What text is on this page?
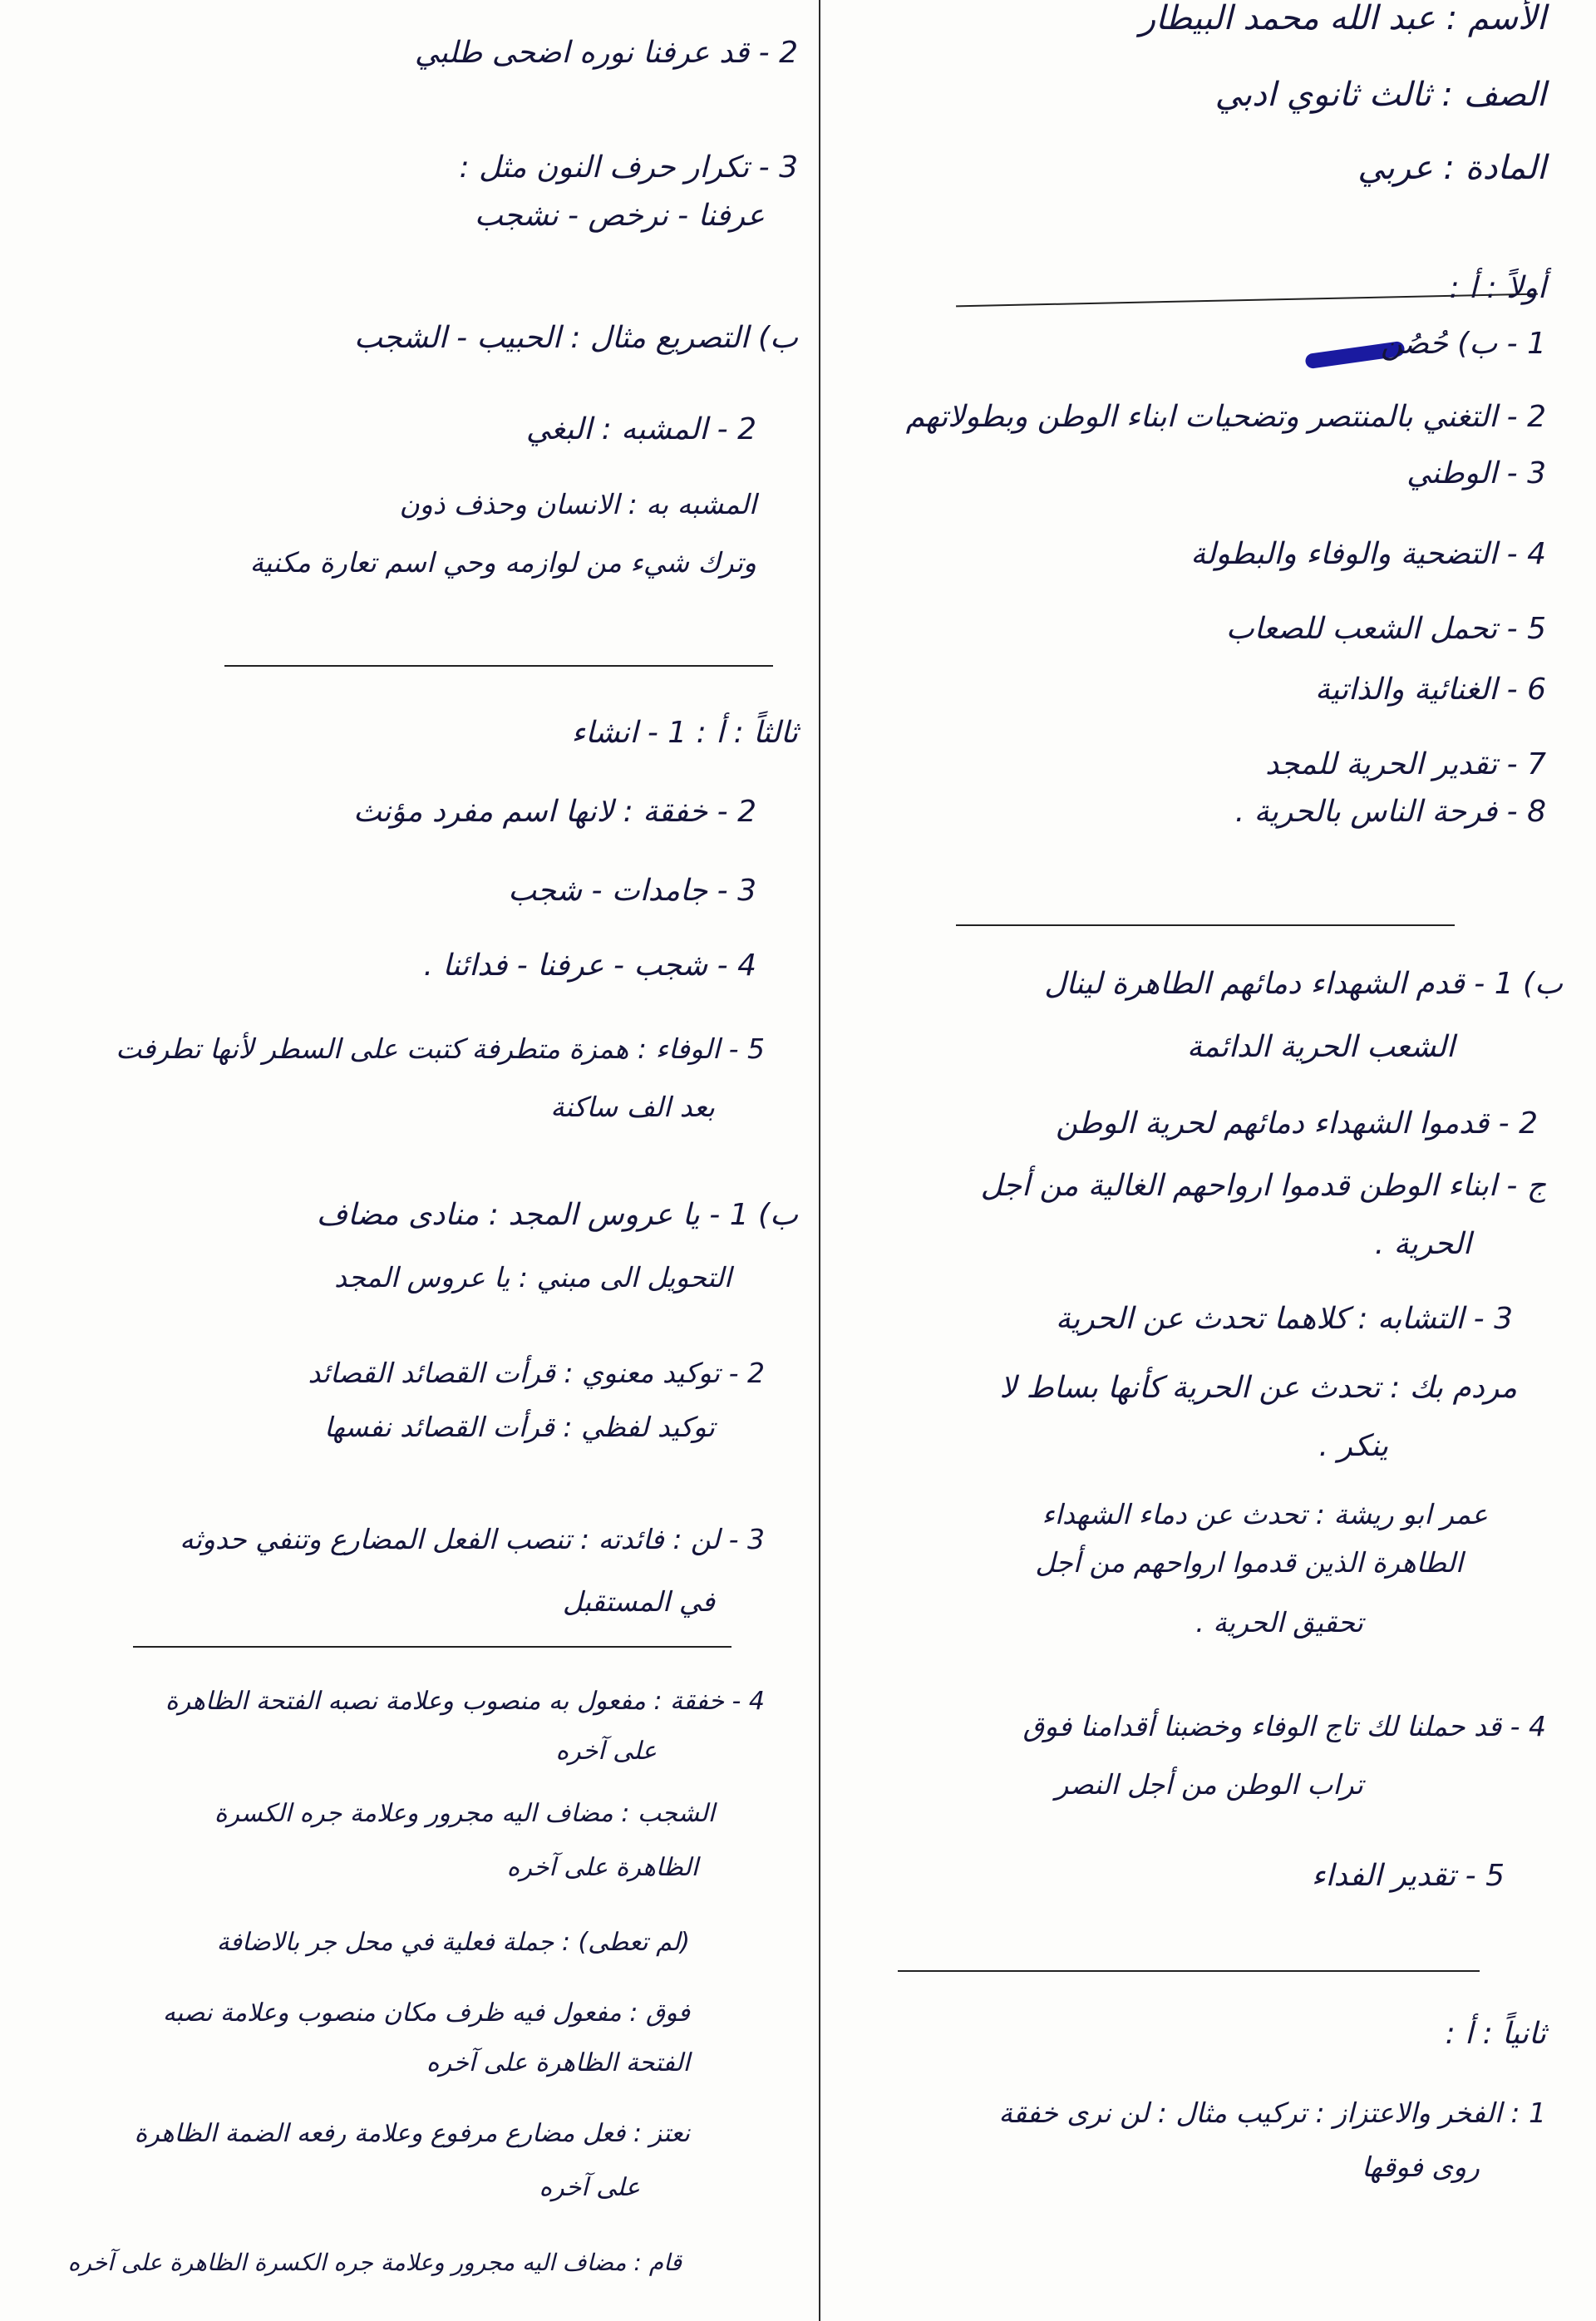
الأسم : عبد الله محمد البيطار
الصف : ثالث ثانوي ادبي
المادة : عربي
أولاً : أ :
1 - ب) حُصُن
2 - التغني بالمنتصر وتضحيات ابناء الوطن وبطولاتهم
3 - الوطني
4 - التضحية والوفاء والبطولة
5 - تحمل الشعب للصعاب
6 - الغنائية والذاتية
7 - تقدير الحرية للمجد
8 - فرحة الناس بالحرية .
ب) 1 - قدم الشهداء دمائهم الطاهرة لينال
الشعب الحرية الدائمة
2 - قدموا الشهداء دمائهم لحرية الوطن
ج - ابناء الوطن قدموا ارواحهم الغالية من أجل
الحرية .
3 - التشابه : كلاهما تحدث عن الحرية
مردم بك : تحدث عن الحرية كأنها بساط لا
ينكر .
عمر ابو ريشة : تحدث عن دماء الشهداء
الطاهرة الذين قدموا ارواحهم من أجل
تحقيق الحرية .
4 - قد حملنا لك تاج الوفاء وخضبنا أقدامنا فوق
تراب الوطن من أجل النصر
5 - تقدير الفداء
ثانياً : أ :
1 : الفخر والاعتزاز : تركيب مثال : لن نرى خفقة
روى فوقها
2 - قد عرفنا نوره اضحى طلبي
3 - تكرار حرف النون مثل :
عرفنا - نرخص - نشجب
ب) التصريع مثال : الحبيب - الشجب
2 - المشبه : البغي
المشبه به : الانسان وحذف ذون
وترك شيء من لوازمه وحي اسم تعارة مكنية
ثالثاً : أ : 1 - انشاء
2 - خفقة : لانها اسم مفرد مؤنث
3 - جامدات - شجب
4 - شجب - عرفنا - فدائنا .
5 - الوفاء : همزة متطرفة كتبت على السطر لأنها تطرفت
بعد الف ساكنة
ب) 1 - يا عروس المجد : منادى مضاف
التحويل الى مبني : يا عروس المجد
2 - توكيد معنوي : قرأت القصائد القصائد
توكيد لفظي : قرأت القصائد نفسها
3 - لن : فائدته : تنصب الفعل المضارع وتنفي حدوثه
في المستقبل
4 - خفقة : مفعول به منصوب وعلامة نصبه الفتحة الظاهرة
على آخره
الشجب : مضاف اليه مجرور وعلامة جره الكسرة
الظاهرة على آخره
(لم تعطى) : جملة فعلية في محل جر بالاضافة
فوق : مفعول فيه ظرف مكان منصوب وعلامة نصبه
الفتحة الظاهرة على آخره
نعتز : فعل مضارع مرفوع وعلامة رفعه الضمة الظاهرة
على آخره
قام : مضاف اليه مجرور وعلامة جره الكسرة الظاهرة على آخره
